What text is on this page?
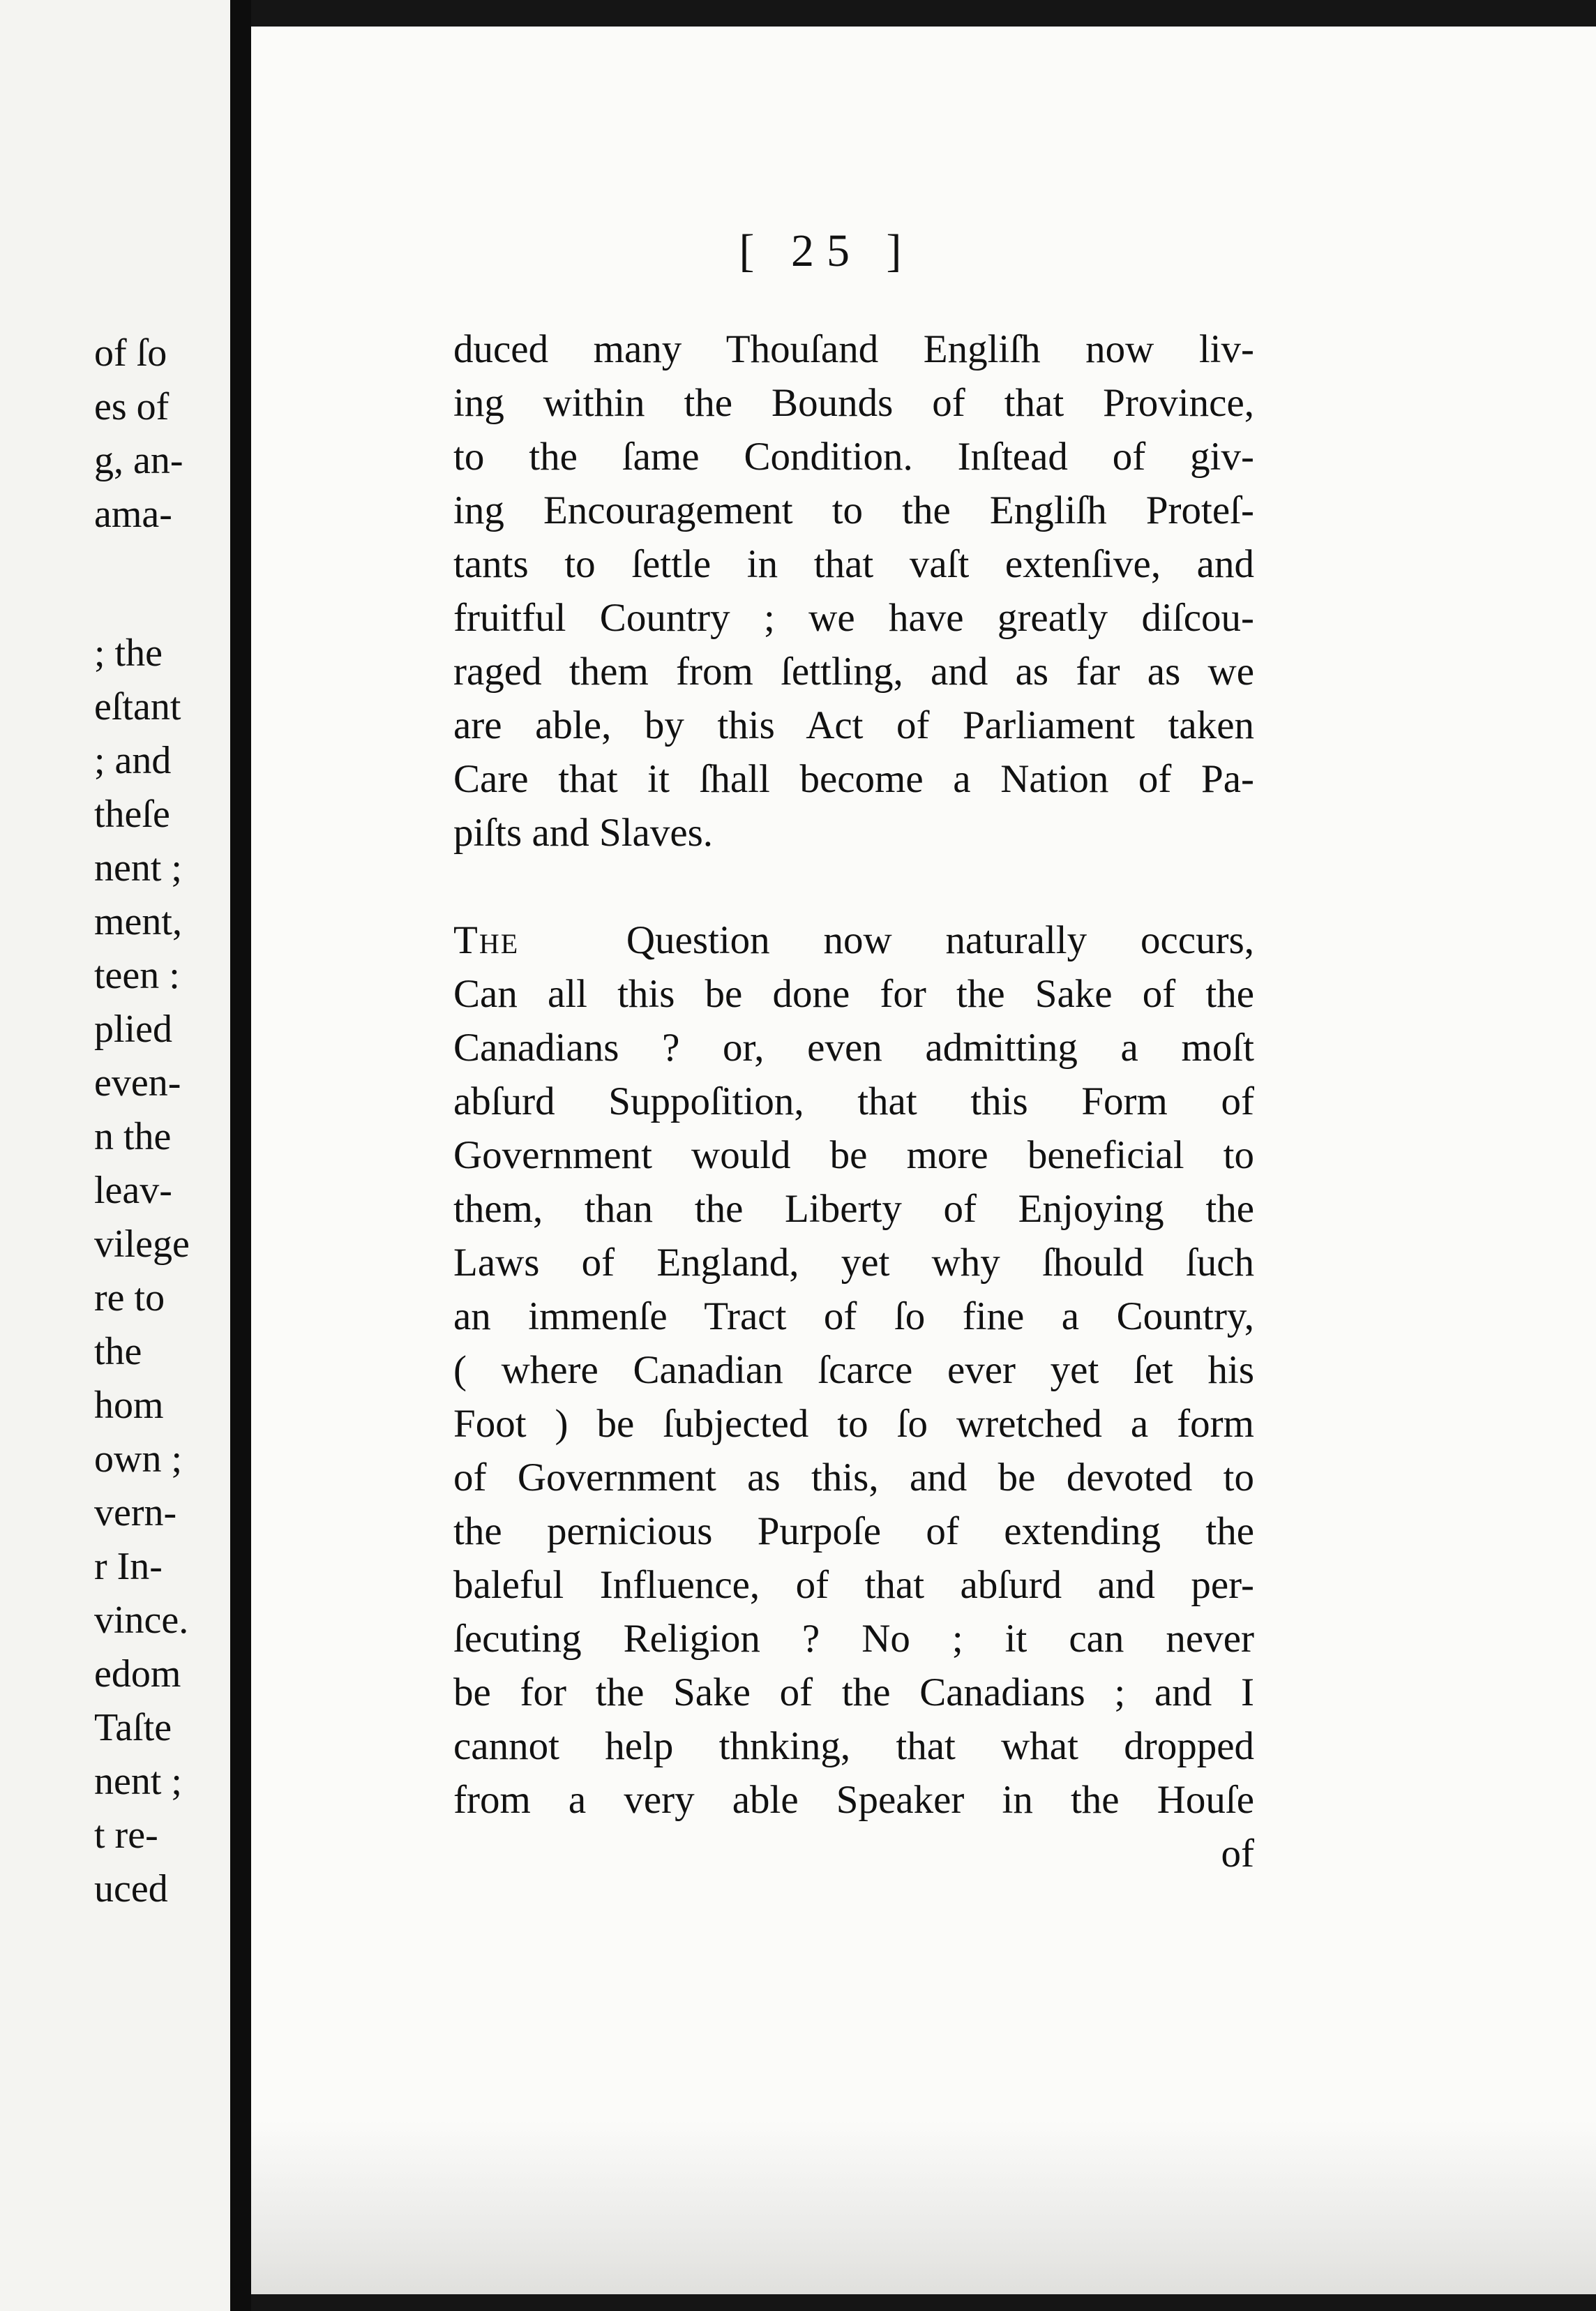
of ſo
es of
g, an-
ama-
; the
eſtant
; and
theſe
nent ;
ment,
teen :
plied
even-
n the
leav-
vilege
re to
the
hom
own ;
vern-
r In-
vince.
edom
Taſte
nent ;
t re-
uced
[ 25 ]
duced many Thouſand Engliſh now liv-
ing within the Bounds of that Province,
to the ſame Condition. Inſtead of giv-
ing Encouragement to the Engliſh Proteſ-
tants to ſettle in that vaſt extenſive, and
fruitful Country ; we have greatly diſcou-
raged them from ſettling, and as far as we
are able, by this Act of Parliament taken
Care that it ſhall become a Nation of Pa-
piſts and Slaves.
The	Question now naturally occurs,
Can all this be done for the Sake of the
Canadians ? or, even admitting a moſt
abſurd Suppoſition, that this Form of
Government would be more beneficial to
them, than the Liberty of Enjoying the
Laws of England, yet why ſhould ſuch
an immenſe Tract of ſo fine a Country,
( where Canadian ſcarce ever yet ſet his
Foot ) be ſubjected to ſo wretched a form
of Government as this, and be devoted to
the pernicious Purpoſe of extending the
baleful Influence, of that abſurd and per-
ſecuting Religion ? No ; it can never
be for the Sake of the Canadians ; and I
cannot help thnking, that what dropped
from a very able Speaker in the Houſe
of
